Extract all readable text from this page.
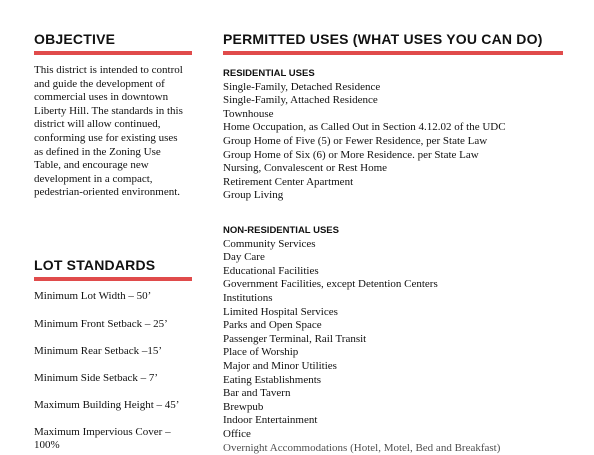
OBJECTIVE

This district is intended to control and guide the development of commercial uses in downtown Liberty Hill. The standards in this district will allow continued, conforming use for existing uses as defined in the Zoning Use Table, and encourage new development in a compact, pedestrian-oriented environment.

LOT STANDARDS

Minimum Lot Width – 50’

Minimum Front Setback – 25’

Minimum Rear Setback –15’

Minimum Side Setback – 7’

Maximum Building Height – 45’

Maximum Impervious Cover –

100%

PERMITTED USES (WHAT USES YOU CAN DO)

RESIDENTIAL USES

Single-Family, Detached Residence
Single-Family, Attached Residence
Townhouse
Home Occupation, as Called Out in Section 4.12.02 of the UDC
Group Home of Five (5) or Fewer Residence, per State Law
Group Home of Six (6) or More Residence. per State Law
Nursing, Convalescent or Rest Home
Retirement Center Apartment
Group Living

NON-RESIDENTIAL USES

Community Services
Day Care
Educational Facilities
Government Facilities, except Detention Centers
Institutions
Limited Hospital Services
Parks and Open Space
Passenger Terminal, Rail Transit
Place of Worship
Major and Minor Utilities
Eating Establishments
Bar and Tavern
Brewpub
Indoor Entertainment
Office
Overnight Accommodations (Hotel, Motel, Bed and Breakfast)
